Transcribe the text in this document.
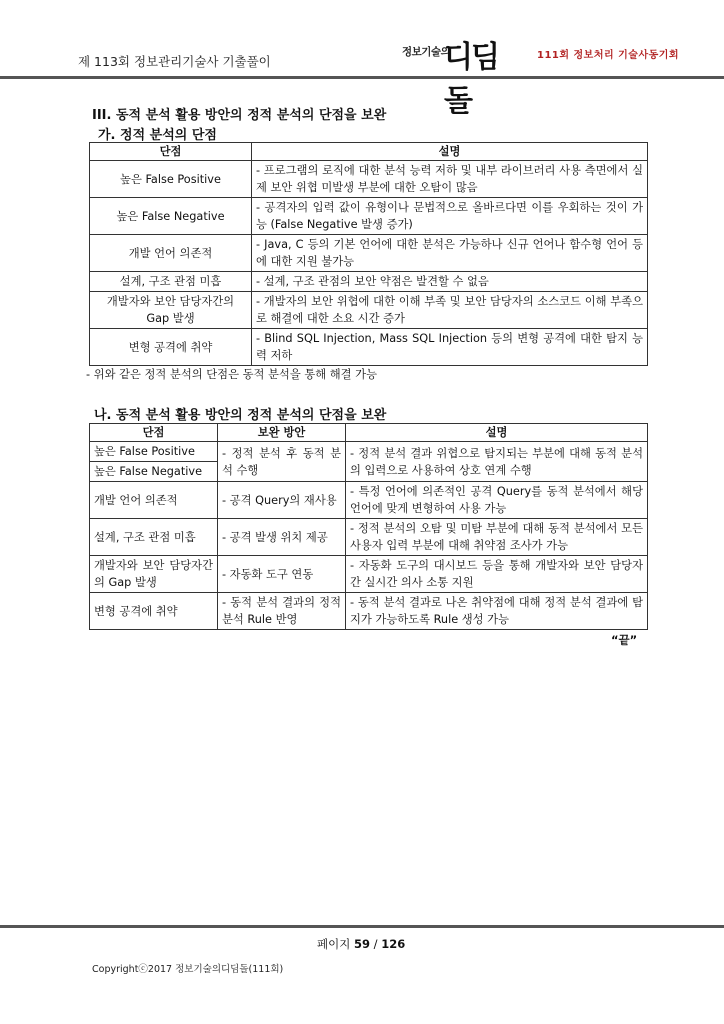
제 113회 정보관리기술사 기출풀이
정보기술의
디딤돌
111회 정보처리 기술사동기회
III. 동적 분석 활용 방안의 정적 분석의 단점을 보완
가. 정적 분석의 단점
단점	설명
높은 False Positive	- 프로그램의 로직에 대한 분석 능력 저하 및 내부 라이브러리 사용 측면에서 실제 보안 위협 미발생 부분에 대한 오탐이 많음
높은 False Negative	- 공격자의 입력 값이 유형이나 문법적으로 올바르다면 이를 우회하는 것이 가능 (False Negative 발생 증가)
개발 언어 의존적	- Java, C 등의 기본 언어에 대한 분석은 가능하나 신규 언어나 함수형 언어 등에 대한 지원 불가능
설계, 구조 관점 미흡	- 설계, 구조 관점의 보안 약점은 발견할 수 없음
개발자와 보안 담당자간의 Gap 발생	- 개발자의 보안 위협에 대한 이해 부족 및 보안 담당자의 소스코드 이해 부족으로 해결에 대한 소요 시간 증가
변형 공격에 취약	- Blind SQL Injection, Mass SQL Injection 등의 변형 공격에 대한 탐지 능력 저하
- 위와 같은 정적 분석의 단점은 동적 분석을 통해 해결 가능
나. 동적 분석 활용 방안의 정적 분석의 단점을 보완
단점	보완 방안	설명
높은 False Positive	- 정적 분석 후 동적 분석 수행	- 정적 분석 결과 위협으로 탐지되는 부분에 대해 동적 분석의 입력으로 사용하여 상호 연계 수행
높은 False Negative		
개발 언어 의존적	- 공격 Query의 재사용	- 특정 언어에 의존적인 공격 Query를 동적 분석에서 해당 언어에 맞게 변형하여 사용 가능
설계, 구조 관점 미흡	- 공격 발생 위치 제공	- 정적 분석의 오탐 및 미탐 부분에 대해 동적 분석에서 모든 사용자 입력 부분에 대해 취약점 조사가 가능
개발자와 보안 담당자간의 Gap 발생	- 자동화 도구 연동	- 자동화 도구의 대시보드 등을 통해 개발자와 보안 담당자간 실시간 의사 소통 지원
변형 공격에 취약	- 동적 분석 결과의 정적 분석 Rule 반영	- 동적 분석 결과로 나온 취약점에 대해 정적 분석 결과에 탐지가 가능하도록 Rule 생성 가능
“끝”
페이지 59 / 126
Copyrightⓒ2017 정보기술의디딤돌(111회)
